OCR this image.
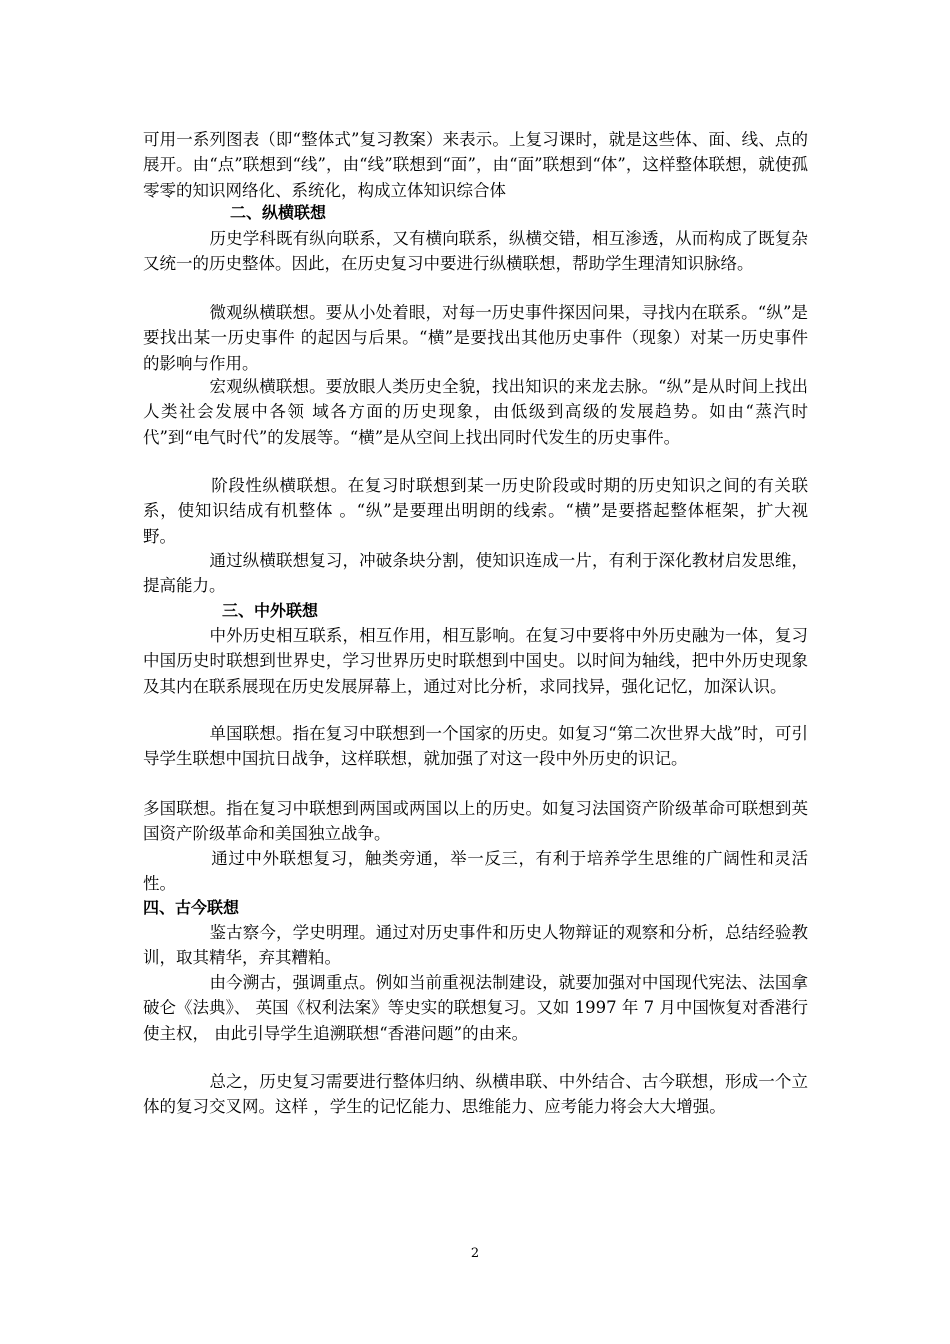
可用一系列图表（即“整体式”复习教案）来表示。上复习课时，就是这些体、面、线、点的展开。由“点”联想到“线”，由“线”联想到“面”，由“面”联想到“体”，这样整体联想，就使孤零零的知识网络化、系统化，构成立体知识综合体

二、纵横联想

　　　　历史学科既有纵向联系，又有横向联系，纵横交错，相互渗透，从而构成了既复杂又统一的历史整体。因此，在历史复习中要进行纵横联想，帮助学生理清知识脉络。

　　　　微观纵横联想。要从小处着眼，对每一历史事件探因问果，寻找内在联系。“纵”是要找出某一历史事件 的起因与后果。“横”是要找出其他历史事件（现象）对某一历史事件的影响与作用。

　　　　宏观纵横联想。要放眼人类历史全貌，找出知识的来龙去脉。“纵”是从时间上找出人类社会发展中各领 域各方面的历史现象，由低级到高级的发展趋势。如由“蒸汽时代”到“电气时代”的发展等。“横”是从空间上找出同时代发生的历史事件。

　　　　阶段性纵横联想。在复习时联想到某一历史阶段或时期的历史知识之间的有关联系，使知识结成有机整体 。“纵”是要理出明朗的线索。“横”是要搭起整体框架，扩大视野。

　　　　通过纵横联想复习，冲破条块分割，使知识连成一片，有利于深化教材启发思维，提高能力。

三、中外联想

　　　　中外历史相互联系，相互作用，相互影响。在复习中要将中外历史融为一体，复习中国历史时联想到世界史，学习世界历史时联想到中国史。以时间为轴线，把中外历史现象及其内在联系展现在历史发展屏幕上，通过对比分析，求同找异，强化记忆，加深认识。

　　　　单国联想。指在复习中联想到一个国家的历史。如复习“第二次世界大战”时，可引导学生联想中国抗日战争，这样联想，就加强了对这一段中外历史的识记。

多国联想。指在复习中联想到两国或两国以上的历史。如复习法国资产阶级革命可联想到英国资产阶级革命和美国独立战争。

　　　　通过中外联想复习，触类旁通，举一反三，有利于培养学生思维的广阔性和灵活性。

四、古今联想

　　　　鉴古察今，学史明理。通过对历史事件和历史人物辩证的观察和分析，总结经验教训，取其精华，弃其糟粕。

　　　　由今溯古，强调重点。例如当前重视法制建设，就要加强对中国现代宪法、法国拿破仑《法典》、 英国《权利法案》等史实的联想复习。又如 1997 年 7 月中国恢复对香港行使主权， 由此引导学生追溯联想“香港问题”的由来。

　　　　总之，历史复习需要进行整体归纳、纵横串联、中外结合、古今联想，形成一个立体的复习交叉网。这样 ，学生的记忆能力、思维能力、应考能力将会大大增强。

2
